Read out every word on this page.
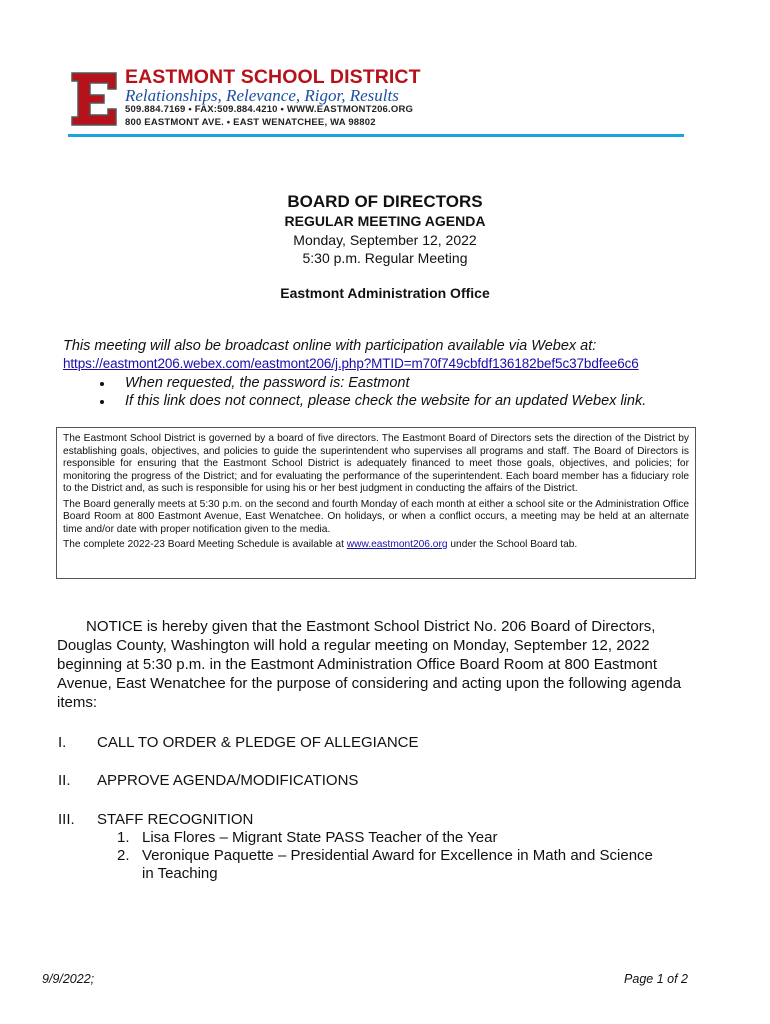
EASTMONT SCHOOL DISTRICT
Relationships, Relevance, Rigor, Results
509.884.7169 • FAX:509.884.4210 • WWW.EASTMONT206.ORG
800 EASTMONT AVE. • EAST WENATCHEE, WA 98802
BOARD OF DIRECTORS
REGULAR MEETING AGENDA
Monday, September 12, 2022
5:30 p.m. Regular Meeting
Eastmont Administration Office
This meeting will also be broadcast online with participation available via Webex at:
https://eastmont206.webex.com/eastmont206/j.php?MTID=m70f749cbfdf136182bef5c37bdfee6c6
When requested, the password is: Eastmont
If this link does not connect, please check the website for an updated Webex link.

The Eastmont School District is governed by a board of five directors. The Eastmont Board of Directors sets the direction of the District by establishing goals, objectives, and policies to guide the superintendent who supervises all programs and staff. The Board of Directors is responsible for ensuring that the Eastmont School District is adequately financed to meet those goals, objectives, and policies; for monitoring the progress of the District; and for evaluating the performance of the superintendent. Each board member has a fiduciary role to the District and, as such is responsible for using his or her best judgment in conducting the affairs of the District.

The Board generally meets at 5:30 p.m. on the second and fourth Monday of each month at either a school site or the Administration Office Board Room at 800 Eastmont Avenue, East Wenatchee. On holidays, or when a conflict occurs, a meeting may be held at an alternate time and/or date with proper notification given to the media.

The complete 2022-23 Board Meeting Schedule is available at www.eastmont206.org under the School Board tab.

NOTICE is hereby given that the Eastmont School District No. 206 Board of Directors,
Douglas County, Washington will hold a regular meeting on Monday, September 12, 2022
beginning at 5:30 p.m. in the Eastmont Administration Office Board Room at 800 Eastmont
Avenue, East Wenatchee for the purpose of considering and acting upon the following agenda
items:
I. CALL TO ORDER & PLEDGE OF ALLEGIANCE
II. APPROVE AGENDA/MODIFICATIONS
III. STAFF RECOGNITION
1. Lisa Flores – Migrant State PASS Teacher of the Year
2. Veronique Paquette – Presidential Award for Excellence in Math and Science
in Teaching
9/9/2022;	Page 1 of 2
